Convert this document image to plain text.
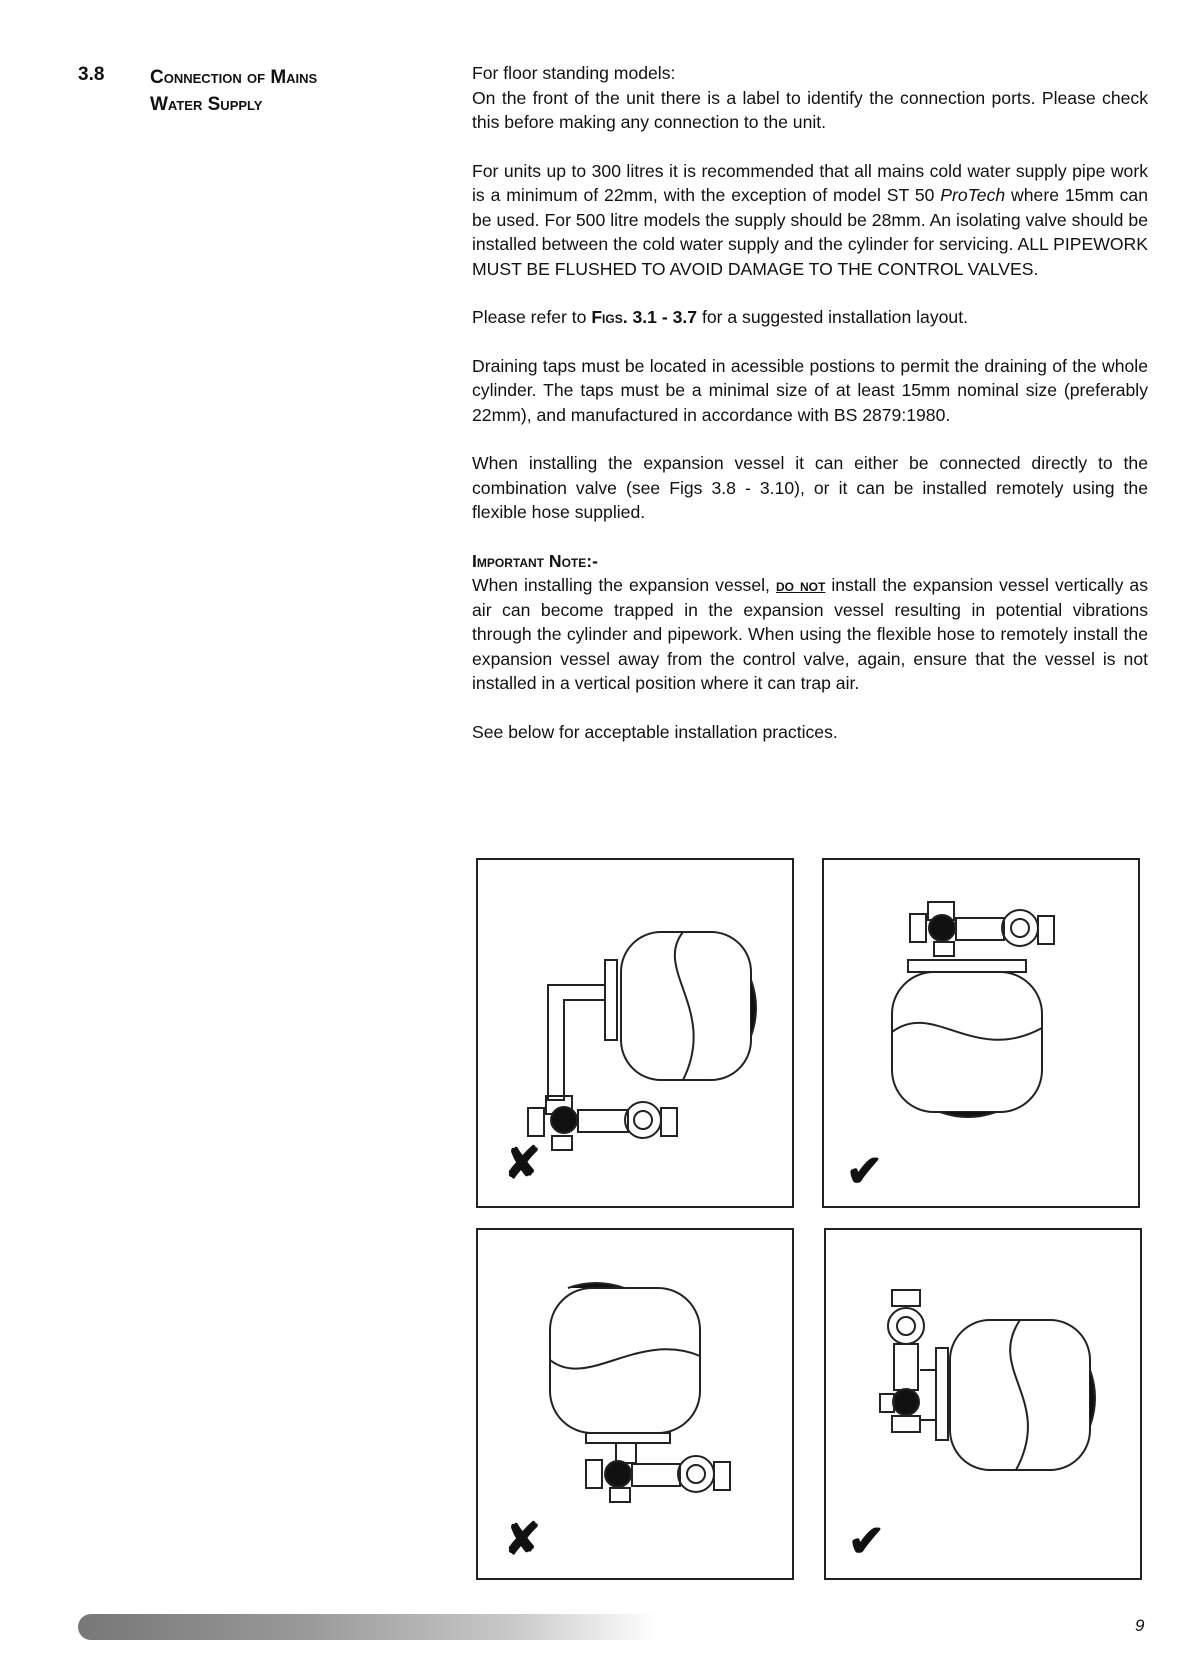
3.8 Connection of Mains
Water Supply

For floor standing models:
On the front of the unit there is a label to identify the connection ports. Please check this before making any connection to the unit.

For units up to 300 litres it is recommended that all mains cold water supply pipe work is a minimum of 22mm, with the exception of model ST 50 ProTech where 15mm can be used. For 500 litre models the supply should be 28mm. An isolating valve should be installed between the cold water supply and the cylinder for servicing. ALL PIPEWORK MUST BE FLUSHED TO AVOID DAMAGE TO THE CONTROL VALVES.

Please refer to Figs. 3.1 - 3.7 for a suggested installation layout.

Draining taps must be located in acessible postions to permit the draining of the whole cylinder. The taps must be a minimal size of at least 15mm nominal size (preferably 22mm), and manufactured in accordance with BS 2879:1980.

When installing the expansion vessel it can either be connected directly to the combination valve (see Figs 3.8 - 3.10), or it can be installed remotely using the flexible hose supplied.

Important Note:-
When installing the expansion vessel, do not install the expansion vessel vertically as air can become trapped in the expansion vessel resulting in potential vibrations through the cylinder and pipework. When using the flexible hose to remotely install the expansion vessel away from the control valve, again, ensure that the vessel is not installed in a vertical position where it can trap air.

See below for acceptable installation practices.

✘	✔
✘	✔
9
